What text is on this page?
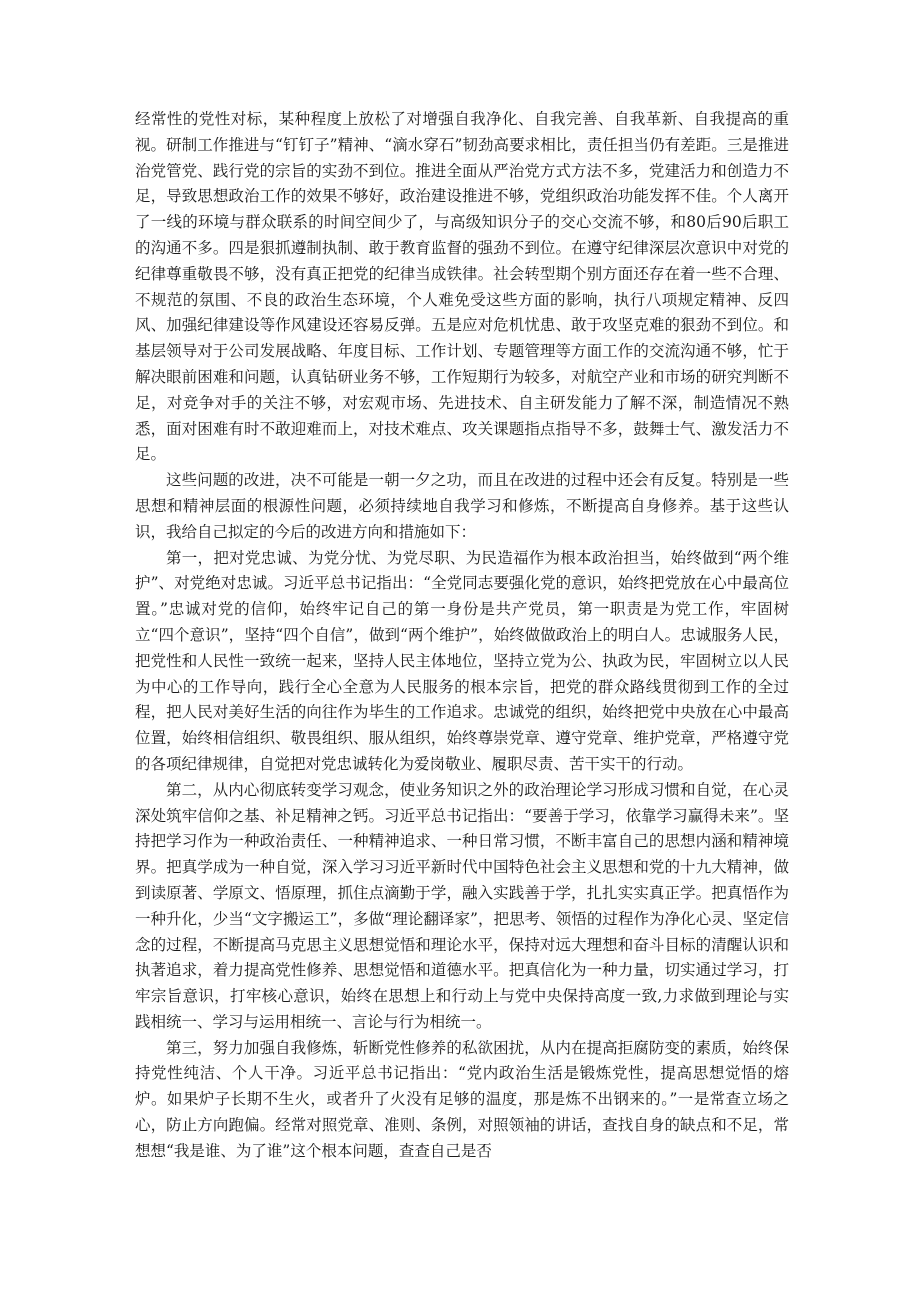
经常性的党性对标，某种程度上放松了对增强自我净化、自我完善、自我革新、自我提高的重视。研制工作推进与“钉钉子”精神、“滴水穿石”韧劲高要求相比，责任担当仍有差距。三是推进治党管党、践行党的宗旨的实劲不到位。推进全面从严治党方式方法不多，党建活力和创造力不足，导致思想政治工作的效果不够好，政治建设推进不够，党组织政治功能发挥不佳。个人离开了一线的环境与群众联系的时间空间少了，与高级知识分子的交心交流不够，和80后90后职工的沟通不多。四是狠抓遵制执制、敢于教育监督的强劲不到位。在遵守纪律深层次意识中对党的纪律尊重敬畏不够，没有真正把党的纪律当成铁律。社会转型期个别方面还存在着一些不合理、不规范的氛围、不良的政治生态环境，个人难免受这些方面的影响，执行八项规定精神、反四风、加强纪律建设等作风建设还容易反弹。五是应对危机忧患、敢于攻坚克难的狠劲不到位。和基层领导对于公司发展战略、年度目标、工作计划、专题管理等方面工作的交流沟通不够，忙于解决眼前困难和问题，认真钻研业务不够，工作短期行为较多，对航空产业和市场的研究判断不足，对竞争对手的关注不够，对宏观市场、先进技术、自主研发能力了解不深，制造情况不熟悉，面对困难有时不敢迎难而上，对技术难点、攻关课题指点指导不多，鼓舞士气、激发活力不足。

这些问题的改进，决不可能是一朝一夕之功，而且在改进的过程中还会有反复。特别是一些思想和精神层面的根源性问题，必须持续地自我学习和修炼，不断提高自身修养。基于这些认识，我给自己拟定的今后的改进方向和措施如下：

第一，把对党忠诚、为党分忧、为党尽职、为民造福作为根本政治担当，始终做到“两个维护”、对党绝对忠诚。习近平总书记指出：“全党同志要强化党的意识，始终把党放在心中最高位置。”忠诚对党的信仰，始终牢记自己的第一身份是共产党员，第一职责是为党工作，牢固树立“四个意识”，坚持“四个自信”，做到“两个维护”，始终做做政治上的明白人。忠诚服务人民，把党性和人民性一致统一起来，坚持人民主体地位，坚持立党为公、执政为民，牢固树立以人民为中心的工作导向，践行全心全意为人民服务的根本宗旨，把党的群众路线贯彻到工作的全过程，把人民对美好生活的向往作为毕生的工作追求。忠诚党的组织，始终把党中央放在心中最高位置，始终相信组织、敬畏组织、服从组织，始终尊崇党章、遵守党章、维护党章，严格遵守党的各项纪律规律，自觉把对党忠诚转化为爱岗敬业、履职尽责、苦干实干的行动。

第二，从内心彻底转变学习观念，使业务知识之外的政治理论学习形成习惯和自觉，在心灵深处筑牢信仰之基、补足精神之钙。习近平总书记指出：“要善于学习，依靠学习赢得未来”。坚持把学习作为一种政治责任、一种精神追求、一种日常习惯，不断丰富自己的思想内涵和精神境界。把真学成为一种自觉，深入学习习近平新时代中国特色社会主义思想和党的十九大精神，做到读原著、学原文、悟原理，抓住点滴勤于学，融入实践善于学，扎扎实实真正学。把真悟作为一种升化，少当“文字搬运工”，多做“理论翻译家”，把思考、领悟的过程作为净化心灵、坚定信念的过程，不断提高马克思主义思想觉悟和理论水平，保持对远大理想和奋斗目标的清醒认识和执著追求，着力提高党性修养、思想觉悟和道德水平。把真信化为一种力量，切实通过学习，打牢宗旨意识，打牢核心意识，始终在思想上和行动上与党中央保持高度一致,力求做到理论与实践相统一、学习与运用相统一、言论与行为相统一。

第三，努力加强自我修炼，斩断党性修养的私欲困扰，从内在提高拒腐防变的素质，始终保持党性纯洁、个人干净。习近平总书记指出：“党内政治生活是锻炼党性，提高思想觉悟的熔炉。如果炉子长期不生火，或者升了火没有足够的温度，那是炼不出钢来的。”一是常查立场之心，防止方向跑偏。经常对照党章、准则、条例，对照领袖的讲话，查找自身的缺点和不足，常想想“我是谁、为了谁”这个根本问题，查查自己是否
